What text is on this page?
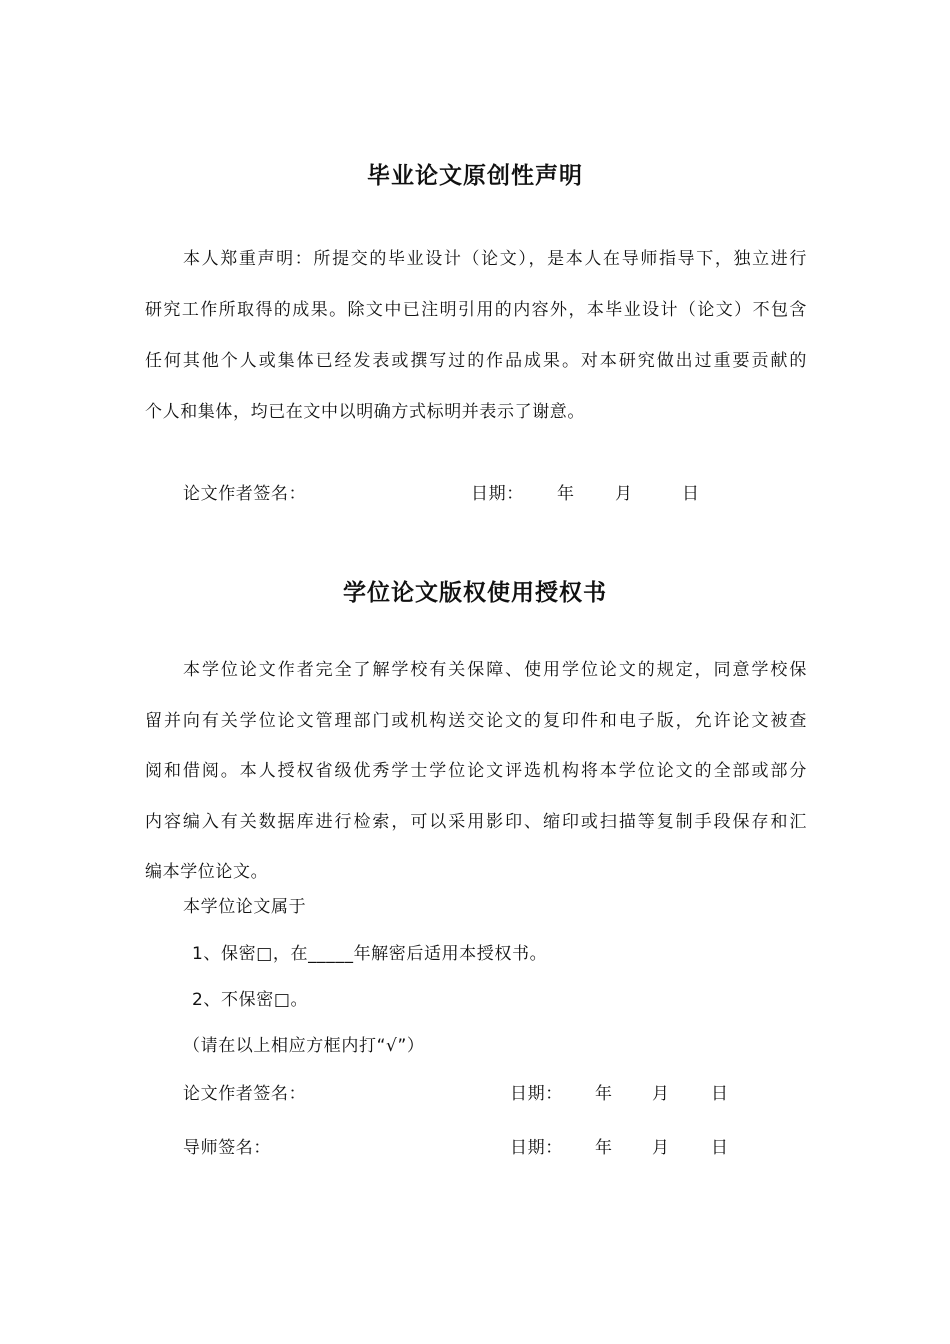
毕业论文原创性声明
本人郑重声明：所提交的毕业设计（论文），是本人在导师指导下，独立进行
研究工作所取得的成果。除文中已注明引用的内容外，本毕业设计（论文）不包含
任何其他个人或集体已经发表或撰写过的作品成果。对本研究做出过重要贡献的
个人和集体，均已在文中以明确方式标明并表示了谢意。
论文作者签名：	日期： 年 月	日
学位论文版权使用授权书
本学位论文作者完全了解学校有关保障、使用学位论文的规定，同意学校保
留并向有关学位论文管理部门或机构送交论文的复印件和电子版，允许论文被查
阅和借阅。本人授权省级优秀学士学位论文评选机构将本学位论文的全部或部分
内容编入有关数据库进行检索，可以采用影印、缩印或扫描等复制手段保存和汇
编本学位论文。
本学位论文属于
1、保密□，在_____年解密后适用本授权书。
2、不保密□。
（请在以上相应方框内打“√”）
论文作者签名：	日期： 年 月 日
导师签名：	日期： 年 月 日
